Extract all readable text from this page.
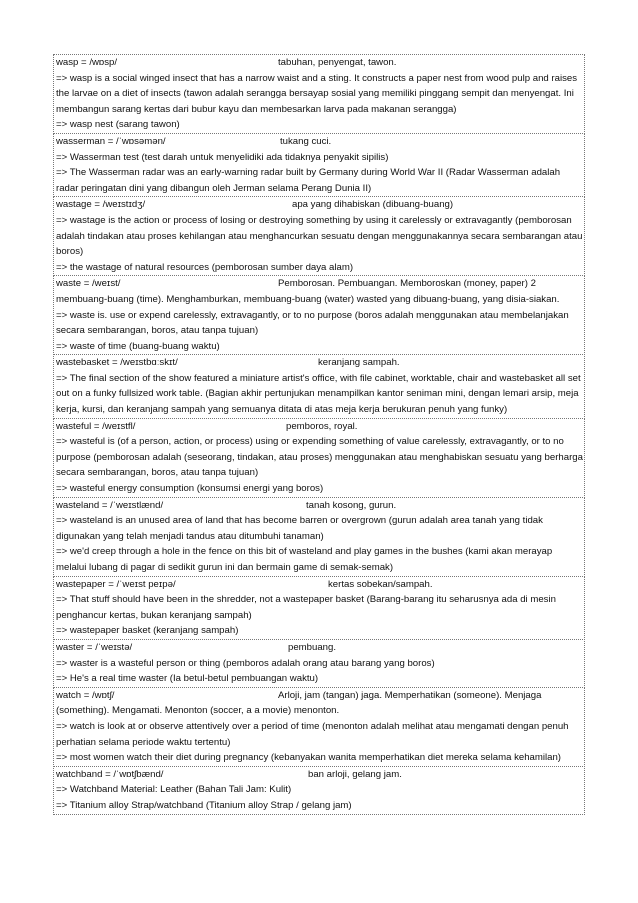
wasp = /wɒsp/	tabuhan, penyengat, tawon.
=> wasp is a social winged insect that has a narrow waist and a sting. It constructs a paper nest from wood pulp and raises the larvae on a diet of insects (tawon adalah serangga bersayap sosial yang memiliki pinggang sempit dan menyengat. Ini membangun sarang kertas dari bubur kayu dan membesarkan larva pada makanan serangga)
=> wasp nest (sarang tawon)
wasserman = /ˈwɒsəmən/	tukang cuci.
=> Wasserman test (test darah untuk menyelidiki ada tidaknya penyakit sipilis)
=> The Wasserman radar was an early-warning radar built by Germany during World War II (Radar Wasserman adalah radar peringatan dini yang dibangun oleh Jerman selama Perang Dunia II)
wastage = /weɪstɪdʒ/	apa yang dihabiskan (dibuang-buang)
=> wastage is the action or process of losing or destroying something by using it carelessly or extravagantly (pemborosan adalah tindakan atau proses kehilangan atau menghancurkan sesuatu dengan menggunakannya secara sembarangan atau boros)
=> the wastage of natural resources (pemborosan sumber daya alam)
waste = /weɪst/	Pemborosan. Pembuangan. Memboroskan (money, paper) 2 membuang-buang (time). Menghamburkan, membuang-buang (water) wasted yang dibuang-buang, yang disia-siakan.
=> waste is. use or expend carelessly, extravagantly, or to no purpose (boros adalah menggunakan atau membelanjakan secara sembarangan, boros, atau tanpa tujuan)
=> waste of time (buang-buang waktu)
wastebasket = /weɪstbɑːskɪt/	keranjang sampah.
=> The final section of the show featured a miniature artist's office, with file cabinet, worktable, chair and wastebasket all set out on a funky fullsized work table. (Bagian akhir pertunjukan menampilkan kantor seniman mini, dengan lemari arsip, meja kerja, kursi, dan keranjang sampah yang semuanya ditata di atas meja kerja berukuran penuh yang funky)
wasteful = /weɪstfl/	pemboros, royal.
=> wasteful is (of a person, action, or process) using or expending something of value carelessly, extravagantly, or to no purpose (pemborosan adalah (seseorang, tindakan, atau proses) menggunakan atau menghabiskan sesuatu yang berharga secara sembarangan, boros, atau tanpa tujuan)
=> wasteful energy consumption (konsumsi energi yang boros)
wasteland = /ˈweɪstlænd/	tanah kosong, gurun.
=> wasteland is an unused area of land that has become barren or overgrown (gurun adalah area tanah yang tidak digunakan yang telah menjadi tandus atau ditumbuhi tanaman)
=> we'd creep through a hole in the fence on this bit of wasteland and play games in the bushes (kami akan merayap melalui lubang di pagar di sedikit gurun ini dan bermain game di semak-semak)
wastepaper = /ˈweɪst peɪpə/	kertas sobekan/sampah.
=> That stuff should have been in the shredder, not a wastepaper basket (Barang-barang itu seharusnya ada di mesin penghancur kertas, bukan keranjang sampah)
=> wastepaper basket (keranjang sampah)
waster = /ˈweɪstə/	pembuang.
=> waster is a wasteful person or thing (pemboros adalah orang atau barang yang boros)
=> He's a real time waster (Ia betul-betul pembuangan waktu)
watch = /wɒtʃ/	Arloji, jam (tangan) jaga. Memperhatikan (someone). Menjaga (something). Mengamati. Menonton (soccer, a a movie) menonton.
=> watch is look at or observe attentively over a period of time (menonton adalah melihat atau mengamati dengan penuh perhatian selama periode waktu tertentu)
=> most women watch their diet during pregnancy (kebanyakan wanita memperhatikan diet mereka selama kehamilan)
watchband = /ˈwɒtʃbænd/	ban arloji, gelang jam.
=> Watchband Material: Leather (Bahan Tali Jam: Kulit)
=> Titanium alloy Strap/watchband (Titanium alloy Strap / gelang jam)
